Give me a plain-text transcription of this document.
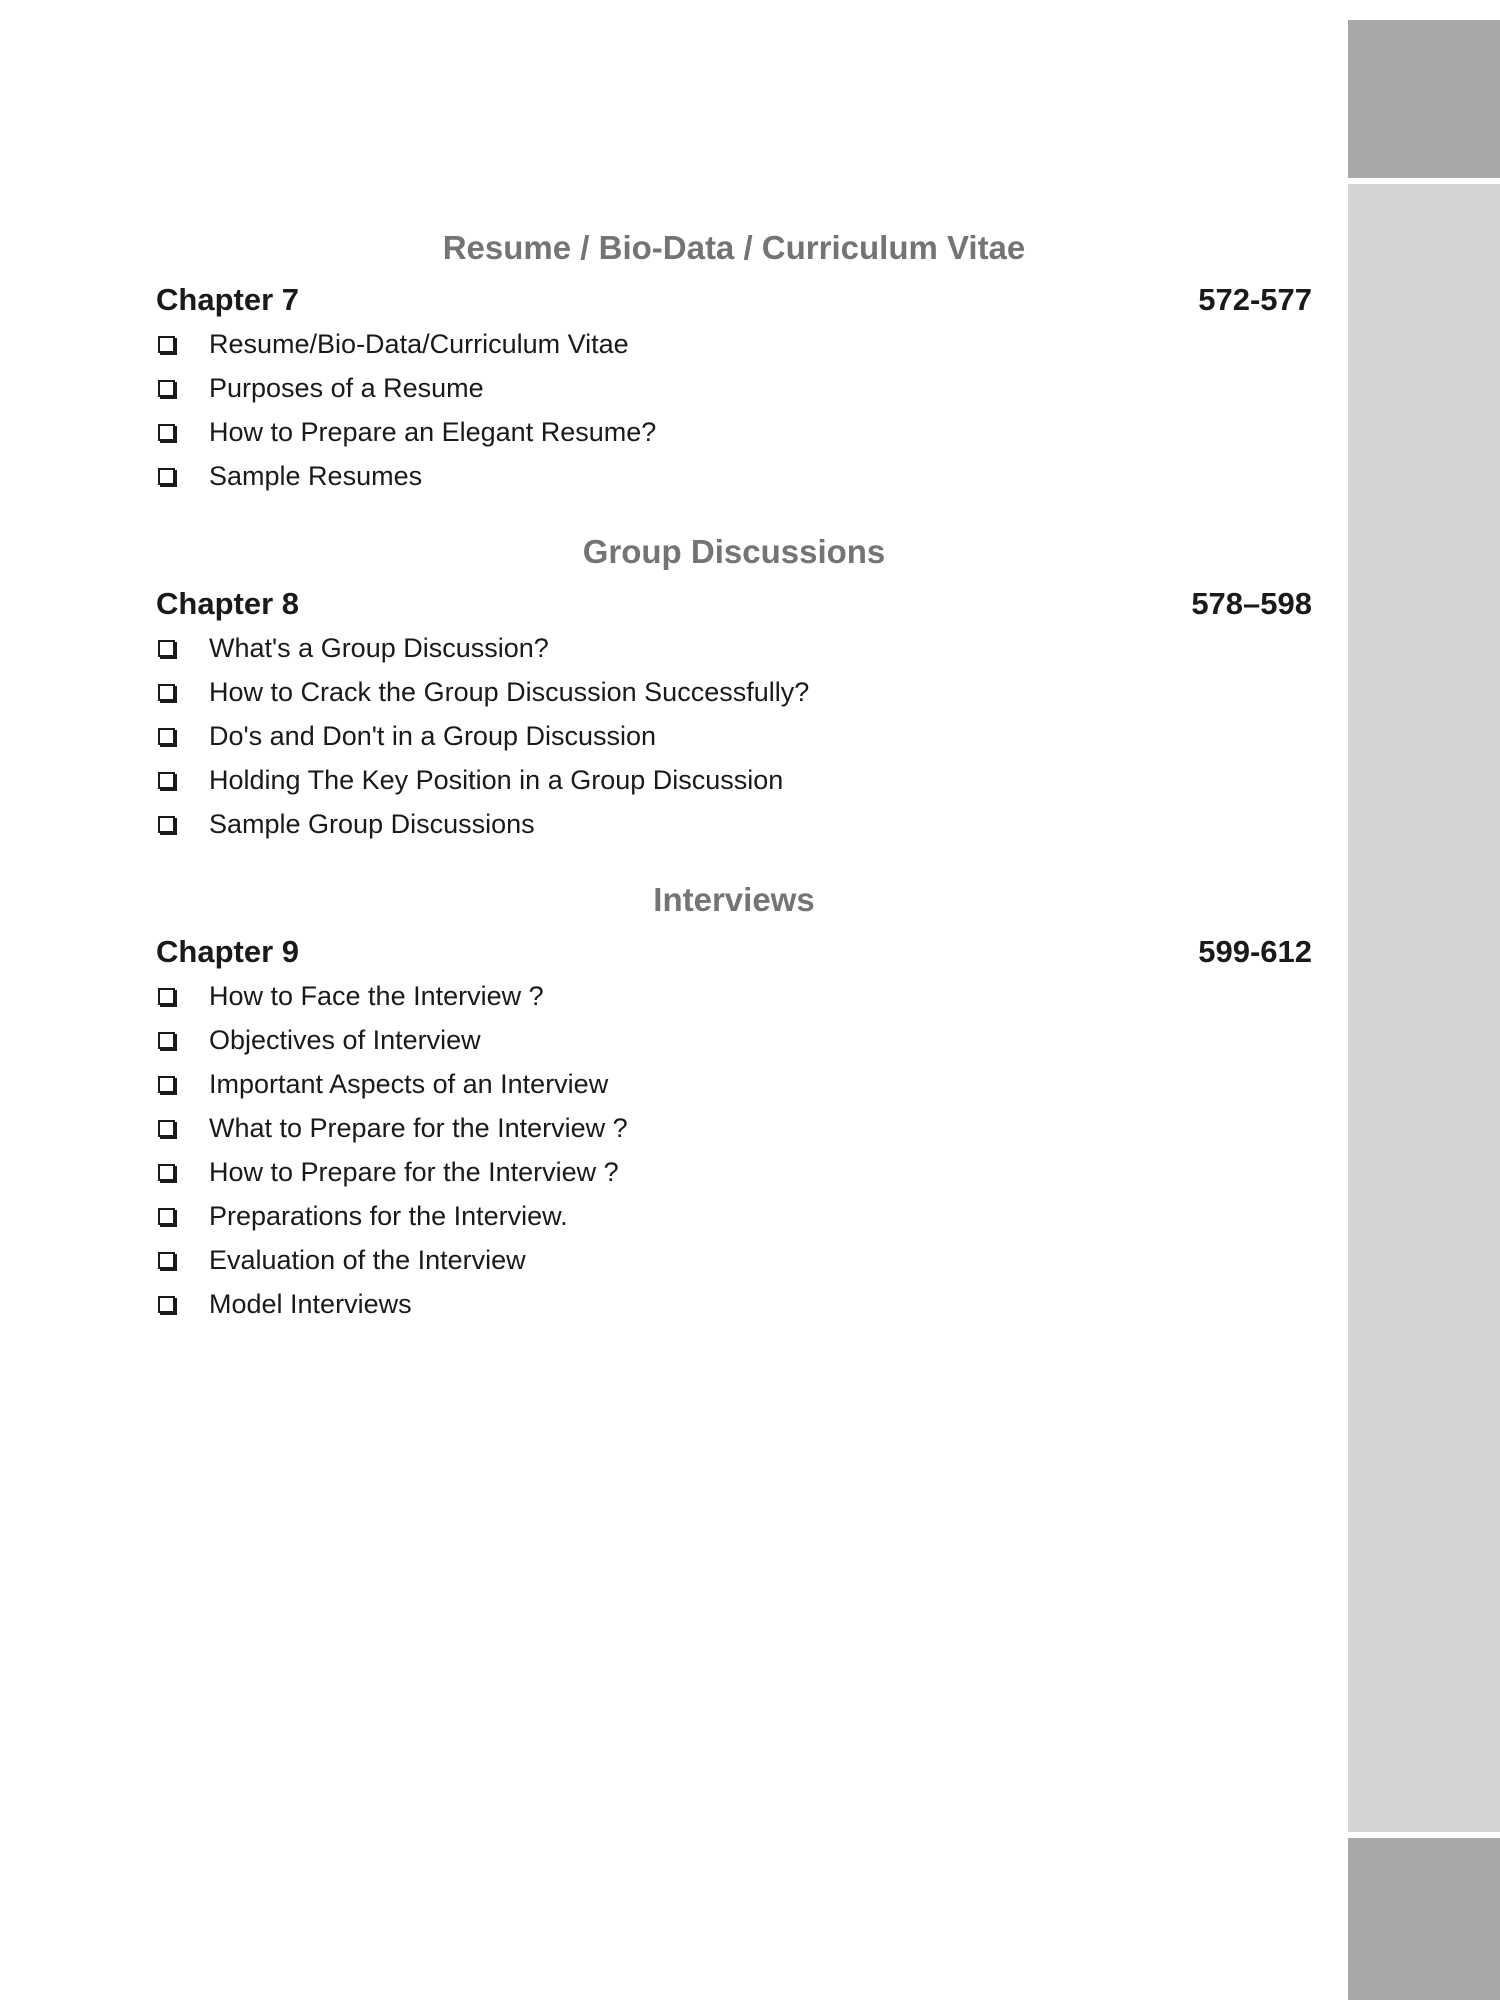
Resume / Bio-Data / Curriculum Vitae
Chapter 7	572-577
Resume/Bio-Data/Curriculum Vitae
Purposes of a Resume
How to Prepare an Elegant Resume?
Sample Resumes
Group Discussions
Chapter 8	578–598
What's a Group Discussion?
How to Crack the Group Discussion Successfully?
Do's and Don't in a Group Discussion
Holding The Key Position in a Group Discussion
Sample Group Discussions
Interviews
Chapter 9	599-612
How to Face the Interview ?
Objectives of Interview
Important Aspects of an Interview
What to Prepare for the Interview ?
How to Prepare for the Interview ?
Preparations for the Interview.
Evaluation of the Interview
Model Interviews
